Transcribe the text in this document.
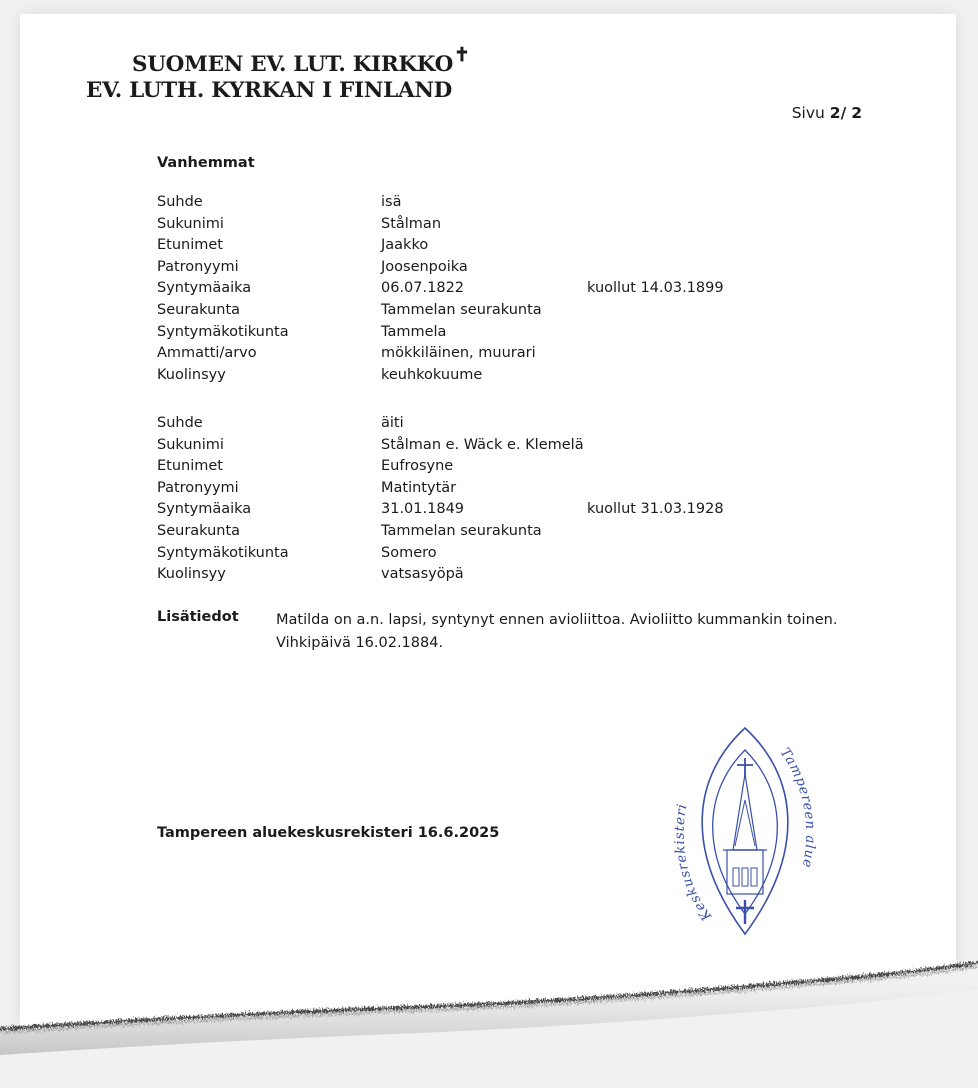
SUOMEN EV. LUT. KIRKKO✝
EV. LUTH. KYRKAN I FINLAND
Sivu 2/ 2
Vanhemmat
Suhde	isä
Sukunimi	Stålman
Etunimet	Jaakko
Patronyymi	Joosenpoika
Syntymäaika	06.07.1822	kuollut 14.03.1899
Seurakunta	Tammelan seurakunta
Syntymäkotikunta	Tammela
Ammatti/arvo	mökkiläinen, muurari
Kuolinsyy	keuhkokuume
Suhde	äiti
Sukunimi	Stålman e. Wäck e. Klemelä
Etunimet	Eufrosyne
Patronyymi	Matintytär
Syntymäaika	31.01.1849	kuollut 31.03.1928
Seurakunta	Tammelan seurakunta
Syntymäkotikunta	Somero
Kuolinsyy	vatsasyöpä
Lisätiedot	Matilda on a.n. lapsi, syntynyt ennen avioliittoa. Avioliitto kummankin toinen.
Vihkipäivä 16.02.1884.
Tampereen aluekeskusrekisteri 16.6.2025
Keskusrekisteri
Tampereen alue
